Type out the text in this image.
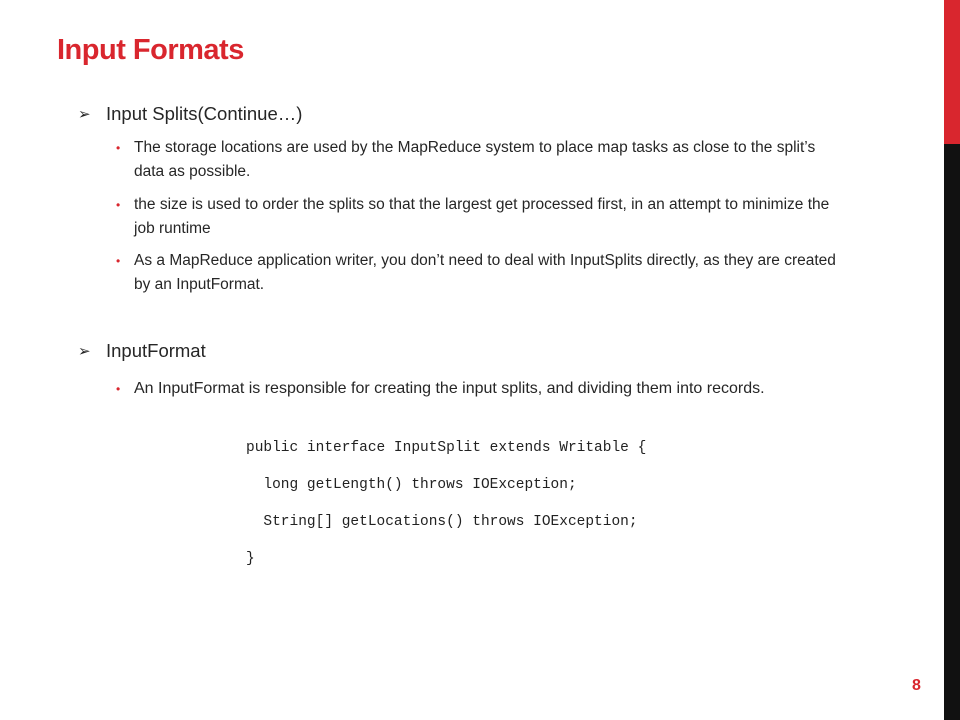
Input Formats
➢ Input Splits(Continue…)
• The storage locations are used by the MapReduce system to place map tasks as close to the split’s data as possible.
• the size is used to order the splits so that the largest get processed first, in an attempt to minimize the job runtime
• As a MapReduce application writer, you don’t need to deal with InputSplits directly, as they are created by an InputFormat.
➢ InputFormat
• An InputFormat is responsible for creating the input splits, and dividing them into records.
public interface InputSplit extends Writable {
long getLength() throws IOException;
String[] getLocations() throws IOException;
}
8
